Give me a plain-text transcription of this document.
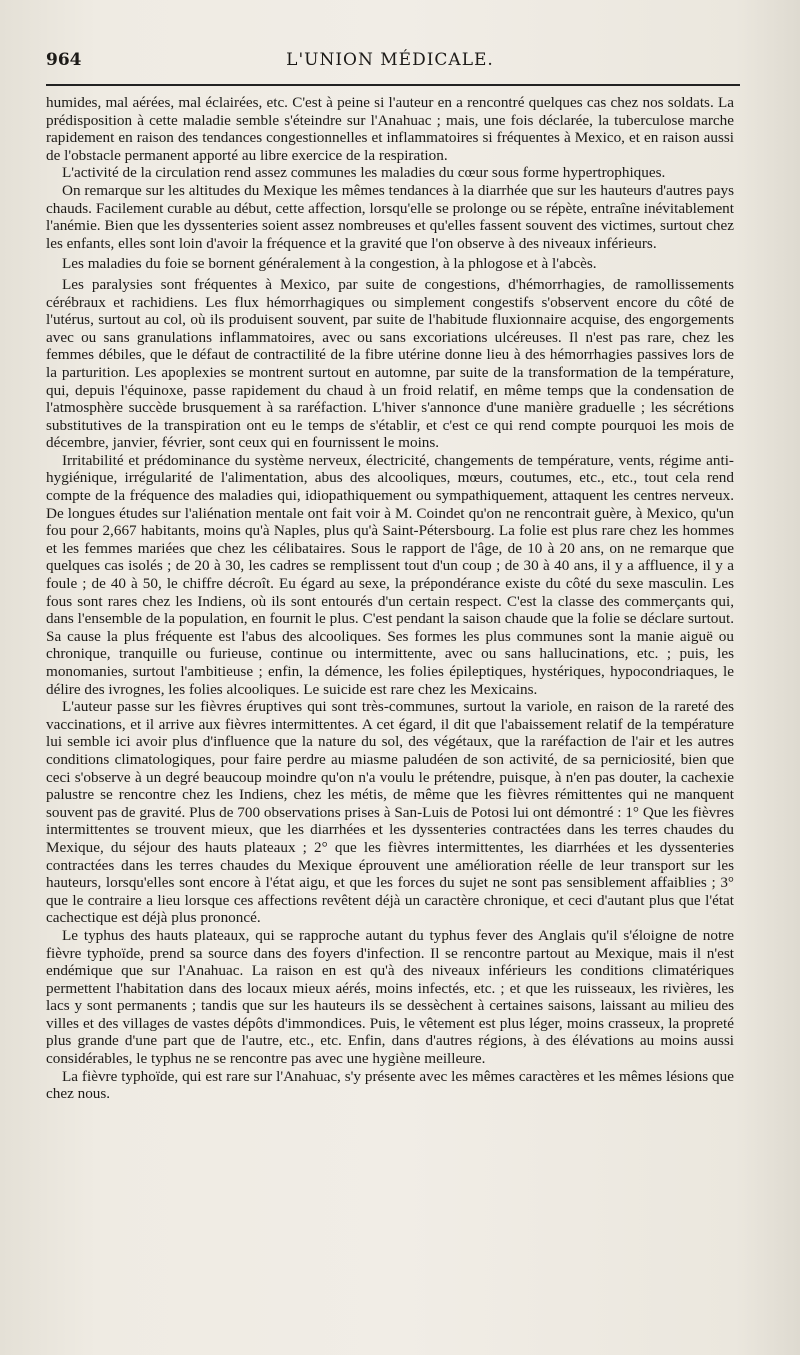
964	L'UNION MÉDICALE.

humides, mal aérées, mal éclairées, etc. C'est à peine si l'auteur en a rencontré quelques cas chez nos soldats. La prédisposition à cette maladie semble s'éteindre sur l'Anahuac ; mais, une fois déclarée, la tuberculose marche rapidement en raison des tendances congestionnelles et inflammatoires si fréquentes à Mexico, et en raison aussi de l'obstacle permanent apporté au libre exercice de la respiration.

L'activité de la circulation rend assez communes les maladies du cœur sous forme hypertrophiques.

On remarque sur les altitudes du Mexique les mêmes tendances à la diarrhée que sur les hauteurs d'autres pays chauds. Facilement curable au début, cette affection, lorsqu'elle se prolonge ou se répète, entraîne inévitablement l'anémie. Bien que les dyssenteries soient assez nombreuses et qu'elles fassent souvent des victimes, surtout chez les enfants, elles sont loin d'avoir la fréquence et la gravité que l'on observe à des niveaux inférieurs.

Les maladies du foie se bornent généralement à la congestion, à la phlogose et à l'abcès.

Les paralysies sont fréquentes à Mexico, par suite de congestions, d'hémorrhagies, de ramollissements cérébraux et rachidiens. Les flux hémorrhagiques ou simplement congestifs s'observent encore du côté de l'utérus, surtout au col, où ils produisent souvent, par suite de l'habitude fluxionnaire acquise, des engorgements avec ou sans granulations inflammatoires, avec ou sans excoriations ulcéreuses. Il n'est pas rare, chez les femmes débiles, que le défaut de contractilité de la fibre utérine donne lieu à des hémorrhagies passives lors de la parturition. Les apoplexies se montrent surtout en automne, par suite de la transformation de la température, qui, depuis l'équinoxe, passe rapidement du chaud à un froid relatif, en même temps que la condensation de l'atmosphère succède brusquement à sa raréfaction. L'hiver s'annonce d'une manière graduelle ; les sécrétions substitutives de la transpiration ont eu le temps de s'établir, et c'est ce qui rend compte pourquoi les mois de décembre, janvier, février, sont ceux qui en fournissent le moins.

Irritabilité et prédominance du système nerveux, électricité, changements de température, vents, régime anti-hygiénique, irrégularité de l'alimentation, abus des alcooliques, mœurs, coutumes, etc., etc., tout cela rend compte de la fréquence des maladies qui, idiopathiquement ou sympathiquement, attaquent les centres nerveux. De longues études sur l'aliénation mentale ont fait voir à M. Coindet qu'on ne rencontrait guère, à Mexico, qu'un fou pour 2,667 habitants, moins qu'à Naples, plus qu'à Saint-Pétersbourg. La folie est plus rare chez les hommes et les femmes mariées que chez les célibataires. Sous le rapport de l'âge, de 10 à 20 ans, on ne remarque que quelques cas isolés ; de 20 à 30, les cadres se remplissent tout d'un coup ; de 30 à 40 ans, il y a affluence, il y a foule ; de 40 à 50, le chiffre décroît. Eu égard au sexe, la prépondérance existe du côté du sexe masculin. Les fous sont rares chez les Indiens, où ils sont entourés d'un certain respect. C'est la classe des commerçants qui, dans l'ensemble de la population, en fournit le plus. C'est pendant la saison chaude que la folie se déclare surtout. Sa cause la plus fréquente est l'abus des alcooliques. Ses formes les plus communes sont la manie aiguë ou chronique, tranquille ou furieuse, continue ou intermittente, avec ou sans hallucinations, etc. ; puis, les monomanies, surtout l'ambitieuse ; enfin, la démence, les folies épileptiques, hystériques, hypocondriaques, le délire des ivrognes, les folies alcooliques. Le suicide est rare chez les Mexicains.

L'auteur passe sur les fièvres éruptives qui sont très-communes, surtout la variole, en raison de la rareté des vaccinations, et il arrive aux fièvres intermittentes. A cet égard, il dit que l'abaissement relatif de la température lui semble ici avoir plus d'influence que la nature du sol, des végétaux, que la raréfaction de l'air et les autres conditions climatologiques, pour faire perdre au miasme paludéen de son activité, de sa perniciosité, bien que ceci s'observe à un degré beaucoup moindre qu'on n'a voulu le prétendre, puisque, à n'en pas douter, la cachexie palustre se rencontre chez les Indiens, chez les métis, de même que les fièvres rémittentes qui ne manquent souvent pas de gravité. Plus de 700 observations prises à San-Luis de Potosi lui ont démontré : 1° Que les fièvres intermittentes se trouvent mieux, que les diarrhées et les dyssenteries contractées dans les terres chaudes du Mexique, du séjour des hauts plateaux ; 2° que les fièvres intermittentes, les diarrhées et les dyssenteries contractées dans les terres chaudes du Mexique éprouvent une amélioration réelle de leur transport sur les hauteurs, lorsqu'elles sont encore à l'état aigu, et que les forces du sujet ne sont pas sensiblement affaiblies ; 3° que le contraire a lieu lorsque ces affections revêtent déjà un caractère chronique, et ceci d'autant plus que l'état cachectique est déjà plus prononcé.

Le typhus des hauts plateaux, qui se rapproche autant du typhus fever des Anglais qu'il s'éloigne de notre fièvre typhoïde, prend sa source dans des foyers d'infection. Il se rencontre partout au Mexique, mais il n'est endémique que sur l'Anahuac. La raison en est qu'à des niveaux inférieurs les conditions climatériques permettent l'habitation dans des locaux mieux aérés, moins infectés, etc. ; et que les ruisseaux, les rivières, les lacs y sont permanents ; tandis que sur les hauteurs ils se dessèchent à certaines saisons, laissant au milieu des villes et des villages de vastes dépôts d'immondices. Puis, le vêtement est plus léger, moins crasseux, la propreté plus grande d'une part que de l'autre, etc., etc. Enfin, dans d'autres régions, à des élévations au moins aussi considérables, le typhus ne se rencontre pas avec une hygiène meilleure.

La fièvre typhoïde, qui est rare sur l'Anahuac, s'y présente avec les mêmes caractères et les mêmes lésions que chez nous.
